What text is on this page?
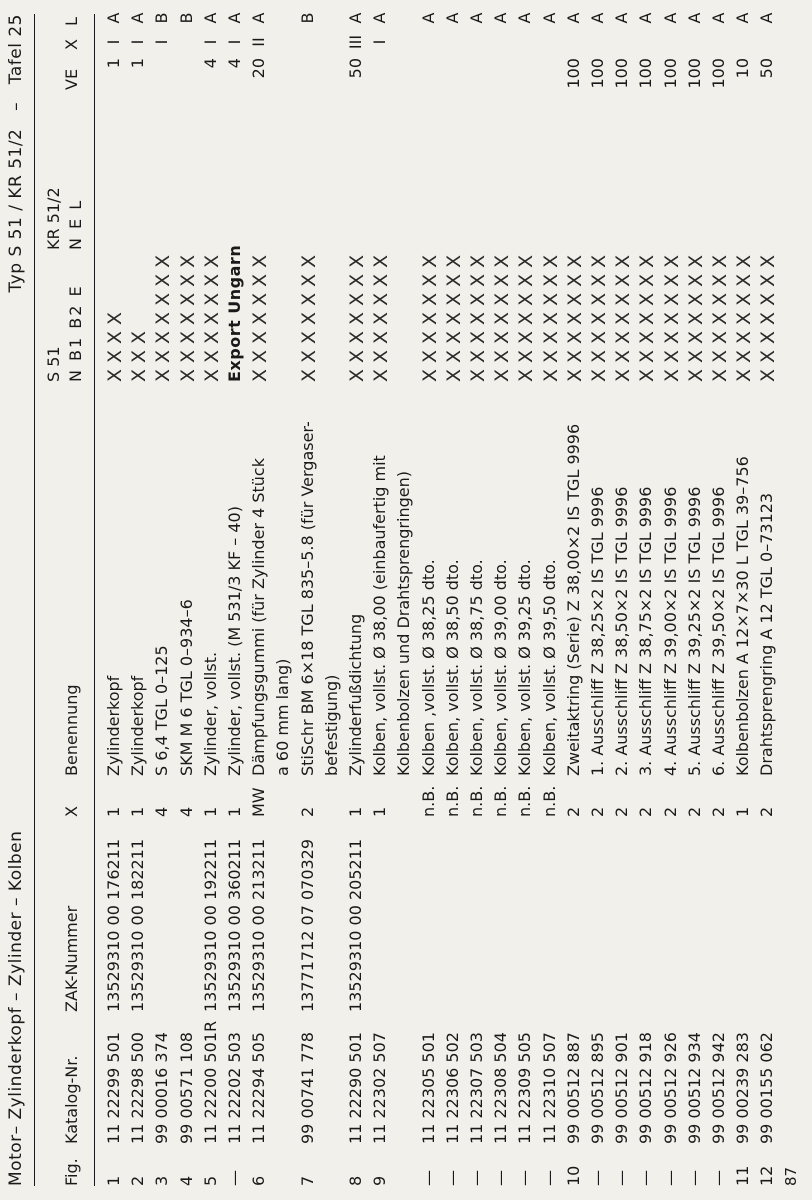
Motor– Zylinderkopf – Zylinder – Kolben
Typ S 51 / KR 51/2   –   Tafel 25
Fig.
Katalog-Nr.
ZAK-Nummer
X
Benennung
S 51 N B1 B2 E
KR 51/2 N E L
VE
X
L
1
11 22299 501
13529310 00 176211
1
Zylinderkopf
1
I
A
XXXX
2
11 22298 500
13529310 00 182211
1
Zylinderkopf
1
I
A
XXX
3
99 00016 374
4
S 6,4 TGL 0–125
I
B
XXXXXXX
4
99 00571 108
4
SKM M 6 TGL 0–934–6
B
XXXXXXX
5
11 22200 501R
13529310 00 192211
1
Zylinder, vollst.
4
I
A
XXXXXXX
—
11 22202 503
13529310 00 360211
1
Zylinder, vollst. (M 531/3 KF – 40)
4
I
A
Export Ungarn
6
11 22294 505
13529310 00 213211
MW
Dämpfungsgummi (für Zylinder 4 Stück
20
II
A
XXXXXXX
a 60 mm lang)
7
99 00741 778
13771712 07 070329
2
StiSchr BM 6×18 TGL 835–5.8 (für Vergaser-
B
XXXXXXX
befestigung)
8
11 22290 501
13529310 00 205211
1
Zylinderfußdichtung
50
III
A
XXXXXXX
9
11 22302 507
1
Kolben, vollst. Ø 38,00 (einbaufertig mit
I
A
XXXXXXX
Kolbenbolzen und Drahtsprengringen)
—
11 22305 501
n.B.
Kolben ,vollst. Ø 38,25 dto.
A
XXXXXXX
—
11 22306 502
n.B.
Kolben, vollst. Ø 38,50 dto.
A
XXXXXXX
—
11 22307 503
n.B.
Kolben, vollst. Ø 38,75 dto.
A
XXXXXXX
—
11 22308 504
n.B.
Kolben, vollst. Ø 39,00 dto.
A
XXXXXXX
—
11 22309 505
n.B.
Kolben, vollst. Ø 39,25 dto.
A
XXXXXXX
—
11 22310 507
n.B.
Kolben, vollst. Ø 39,50 dto.
A
XXXXXXX
10
99 00512 887
2
Zweitaktring (Serie) Z 38,00×2 IS TGL 9996
100
A
XXXXXXX
—
99 00512 895
2
1. Ausschliff Z 38,25×2 IS TGL 9996
100
A
XXXXXXX
—
99 00512 901
2
2. Ausschliff Z 38,50×2 IS TGL 9996
100
A
XXXXXXX
—
99 00512 918
2
3. Ausschliff Z 38,75×2 IS TGL 9996
100
A
XXXXXXX
—
99 00512 926
2
4. Ausschliff Z 39,00×2 IS TGL 9996
100
A
XXXXXXX
—
99 00512 934
2
5. Ausschliff Z 39,25×2 IS TGL 9996
100
A
XXXXXXX
—
99 00512 942
2
6. Ausschliff Z 39,50×2 IS TGL 9996
100
A
XXXXXXX
11
99 00239 283
1
Kolbenbolzen A 12×7×30 L TGL 39–756
10
A
XXXXXXX
12
99 00155 062
2
Drahtsprengring A 12 TGL 0–73123
50
A
XXXXXXX
87
